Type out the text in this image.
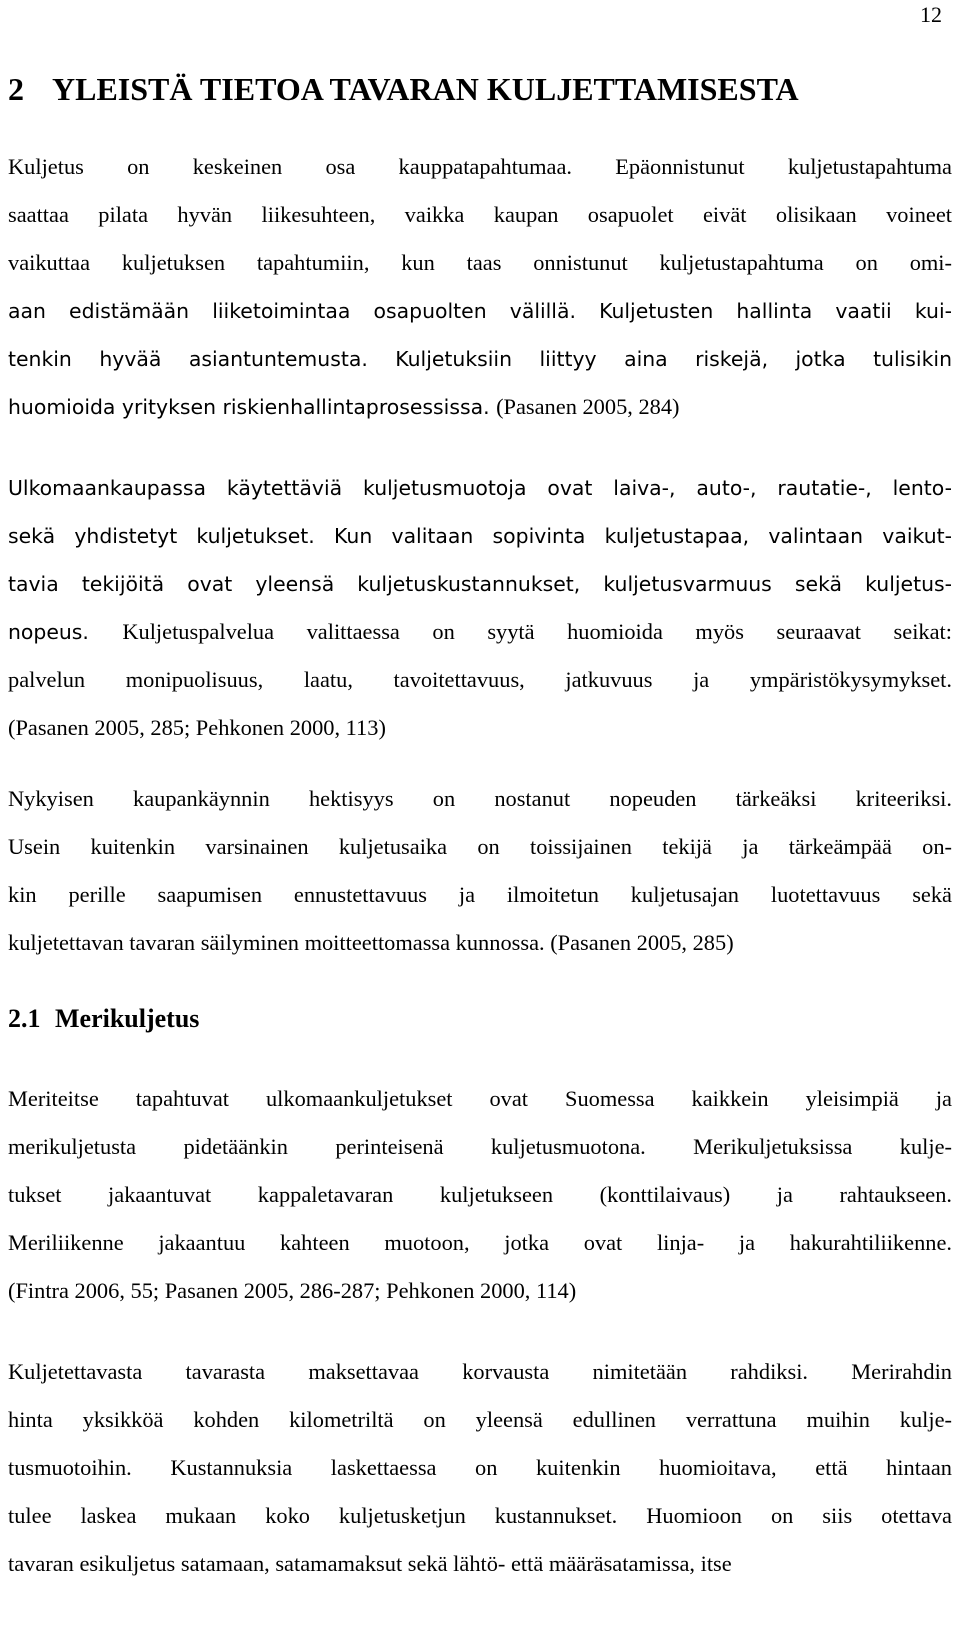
12
2 YLEISTÄ TIETOA TAVARAN KULJETTAMISESTA
Kuljetus on keskeinen osa kauppatapahtumaa. Epäonnistunut kuljetustapahtuma
saattaa pilata hyvän liikesuhteen, vaikka kaupan osapuolet eivät olisikaan voineet
vaikuttaa kuljetuksen tapahtumiin, kun taas onnistunut kuljetustapahtuma on omi-
aan edistämään liiketoimintaa osapuolten välillä. Kuljetusten hallinta vaatii kui-
tenkin hyvää asiantuntemusta. Kuljetuksiin liittyy aina riskejä, jotka tulisikin
huomioida yrityksen riskienhallintaprosessissa. (Pasanen 2005, 284)
Ulkomaankaupassa käytettäviä kuljetusmuotoja ovat laiva-, auto-, rautatie-, lento-
sekä yhdistetyt kuljetukset. Kun valitaan sopivinta kuljetustapaa, valintaan vaikut-
tavia tekijöitä ovat yleensä kuljetuskustannukset, kuljetusvarmuus sekä kuljetus-
nopeus. Kuljetuspalvelua valittaessa on syytä huomioida myös seuraavat seikat:
palvelun monipuolisuus, laatu, tavoitettavuus, jatkuvuus ja ympäristökysymykset.
(Pasanen 2005, 285; Pehkonen 2000, 113)
Nykyisen kaupankäynnin hektisyys on nostanut nopeuden tärkeäksi kriteeriksi.
Usein kuitenkin varsinainen kuljetusaika on toissijainen tekijä ja tärkeämpää on-
kin perille saapumisen ennustettavuus ja ilmoitetun kuljetusajan luotettavuus sekä
kuljetettavan tavaran säilyminen moitteettomassa kunnossa. (Pasanen 2005, 285)
2.1 Merikuljetus
Meriteitse tapahtuvat ulkomaankuljetukset ovat Suomessa kaikkein yleisimpiä ja
merikuljetusta pidetäänkin perinteisenä kuljetusmuotona. Merikuljetuksissa kulje-
tukset jakaantuvat kappaletavaran kuljetukseen (konttilaivaus) ja rahtaukseen.
Meriliikenne jakaantuu kahteen muotoon, jotka ovat linja- ja hakurahtiliikenne.
(Fintra 2006, 55; Pasanen 2005, 286-287; Pehkonen 2000, 114)
Kuljetettavasta tavarasta maksettavaa korvausta nimitetään rahdiksi. Merirahdin
hinta yksikköä kohden kilometriltä on yleensä edullinen verrattuna muihin kulje-
tusmuotoihin. Kustannuksia laskettaessa on kuitenkin huomioitava, että hintaan
tulee laskea mukaan koko kuljetusketjun kustannukset. Huomioon on siis otettava
tavaran esikuljetus satamaan, satamamaksut sekä lähtö- että määräsatamissa, itse
